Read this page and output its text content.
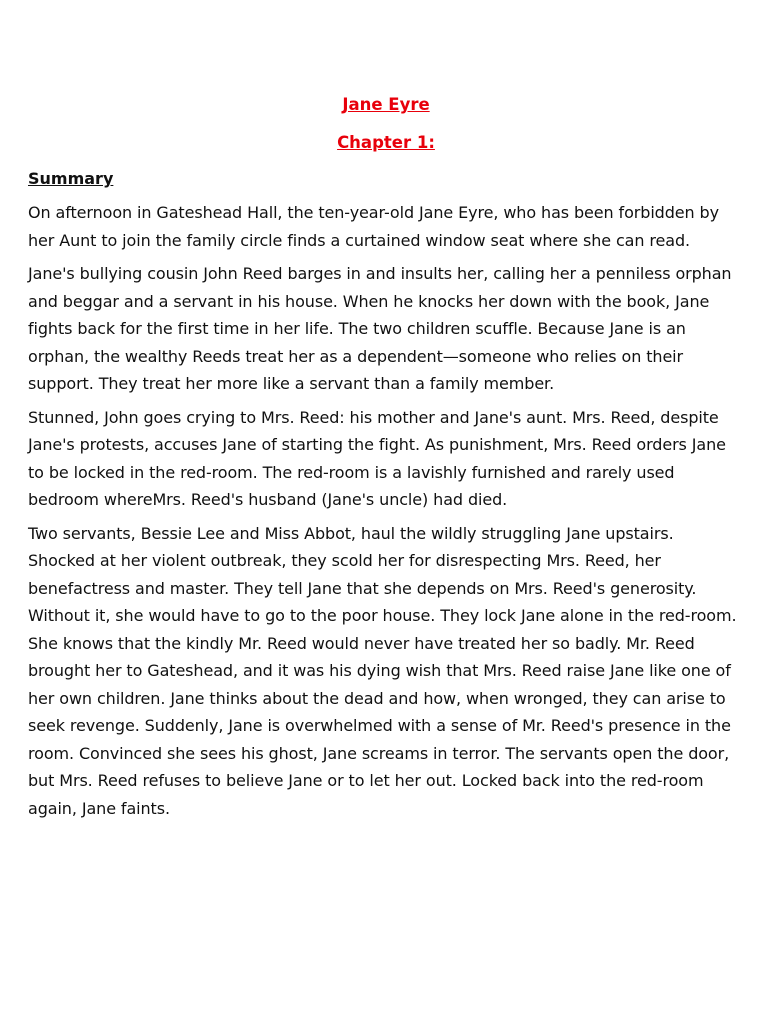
Jane Eyre

Chapter 1:

Summary

On afternoon in Gateshead Hall, the ten-year-old Jane Eyre, who has been forbidden by her Aunt to join the family circle finds a curtained window seat where she can read.

Jane's bullying cousin John Reed barges in and insults her, calling her a penniless orphan and beggar and a servant in his house. When he knocks her down with the book, Jane fights back for the first time in her life. The two children scuffle. Because Jane is an orphan, the wealthy Reeds treat her as a dependent—someone who relies on their support. They treat her more like a servant than a family member.

Stunned, John goes crying to Mrs. Reed: his mother and Jane's aunt. Mrs. Reed, despite Jane's protests, accuses Jane of starting the fight. As punishment, Mrs. Reed orders Jane to be locked in the red-room. The red-room is a lavishly furnished and rarely used bedroom whereMrs. Reed's husband (Jane's uncle) had died.

Two servants, Bessie Lee and Miss Abbot, haul the wildly struggling Jane upstairs. Shocked at her violent outbreak, they scold her for disrespecting Mrs. Reed, her benefactress and master. They tell Jane that she depends on Mrs. Reed's generosity. Without it, she would have to go to the poor house. They lock Jane alone in the red-room. She knows that the kindly Mr. Reed would never have treated her so badly. Mr. Reed brought her to Gateshead, and it was his dying wish that Mrs. Reed raise Jane like one of her own children. Jane thinks about the dead and how, when wronged, they can arise to seek revenge. Suddenly, Jane is overwhelmed with a sense of Mr. Reed's presence in the room. Convinced she sees his ghost, Jane screams in terror. The servants open the door, but Mrs. Reed refuses to believe Jane or to let her out. Locked back into the red-room again, Jane faints.
